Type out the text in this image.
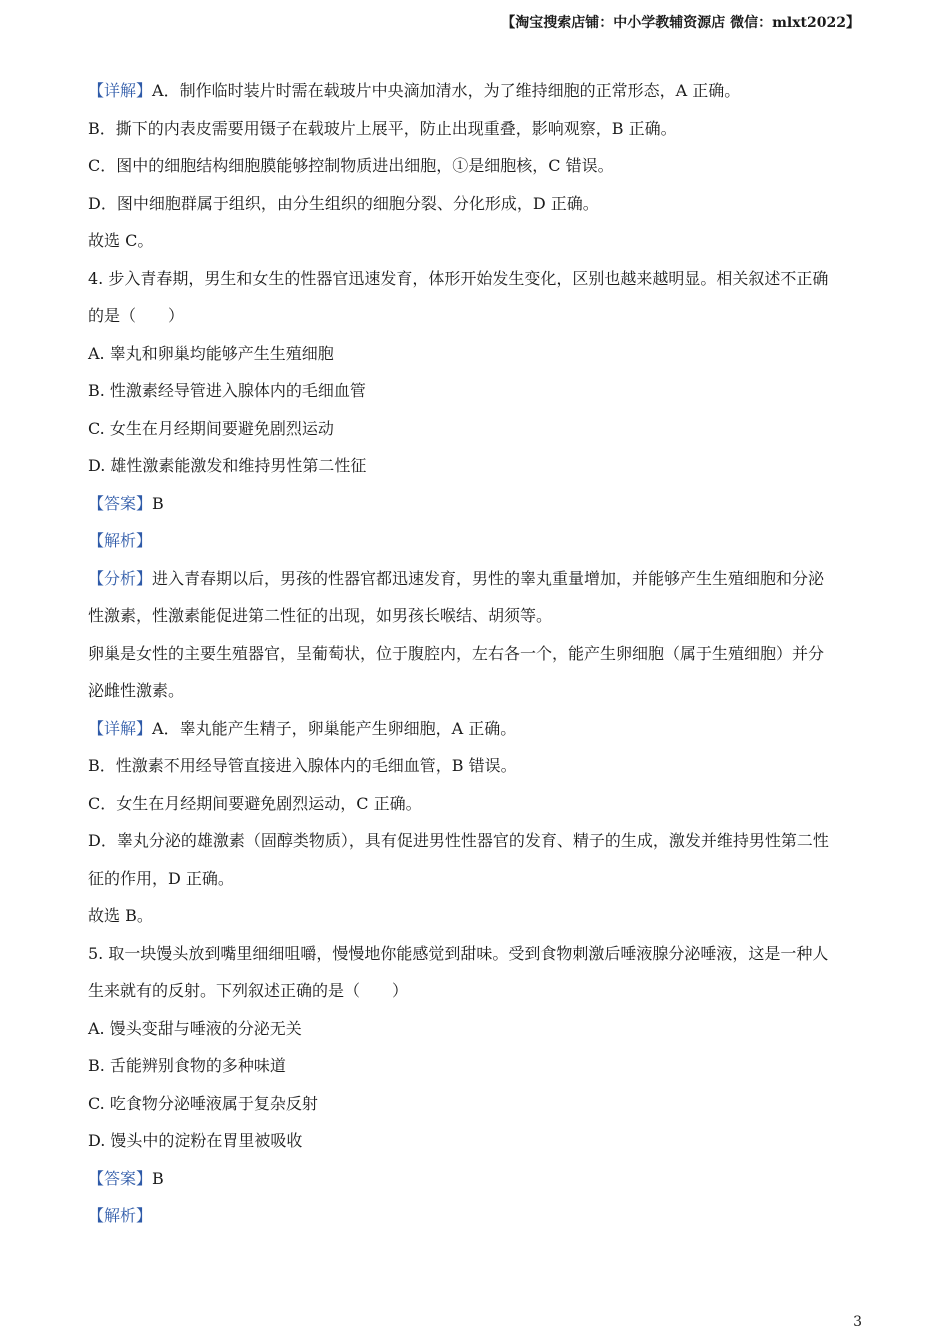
【淘宝搜索店铺：中小学教辅资源店 微信：mlxt2022】
【详解】A．制作临时装片时需在载玻片中央滴加清水，为了维持细胞的正常形态，A 正确。
B．撕下的内表皮需要用镊子在载玻片上展平，防止出现重叠，影响观察，B 正确。
C．图中的细胞结构细胞膜能够控制物质进出细胞，①是细胞核，C 错误。
D．图中细胞群属于组织，由分生组织的细胞分裂、分化形成，D 正确。
故选 C。
4. 步入青春期，男生和女生的性器官迅速发育，体形开始发生变化，区别也越来越明显。相关叙述不正确
的是（　　）
A. 睾丸和卵巢均能够产生生殖细胞
B. 性激素经导管进入腺体内的毛细血管
C. 女生在月经期间要避免剧烈运动
D. 雄性激素能激发和维持男性第二性征
【答案】B
【解析】
【分析】进入青春期以后，男孩的性器官都迅速发育，男性的睾丸重量增加，并能够产生生殖细胞和分泌
性激素，性激素能促进第二性征的出现，如男孩长喉结、胡须等。
卵巢是女性的主要生殖器官，呈葡萄状，位于腹腔内，左右各一个，能产生卵细胞（属于生殖细胞）并分
泌雌性激素。
【详解】A．睾丸能产生精子，卵巢能产生卵细胞，A 正确。
B．性激素不用经导管直接进入腺体内的毛细血管，B 错误。
C．女生在月经期间要避免剧烈运动，C 正确。
D．睾丸分泌的雄激素（固醇类物质），具有促进男性性器官的发育、精子的生成，激发并维持男性第二性
征的作用，D 正确。
故选 B。
5. 取一块馒头放到嘴里细细咀嚼，慢慢地你能感觉到甜味。受到食物刺激后唾液腺分泌唾液，这是一种人
生来就有的反射。下列叙述正确的是（　　）
A. 馒头变甜与唾液的分泌无关
B. 舌能辨别食物的多种味道
C. 吃食物分泌唾液属于复杂反射
D. 馒头中的淀粉在胃里被吸收
【答案】B
【解析】
3
